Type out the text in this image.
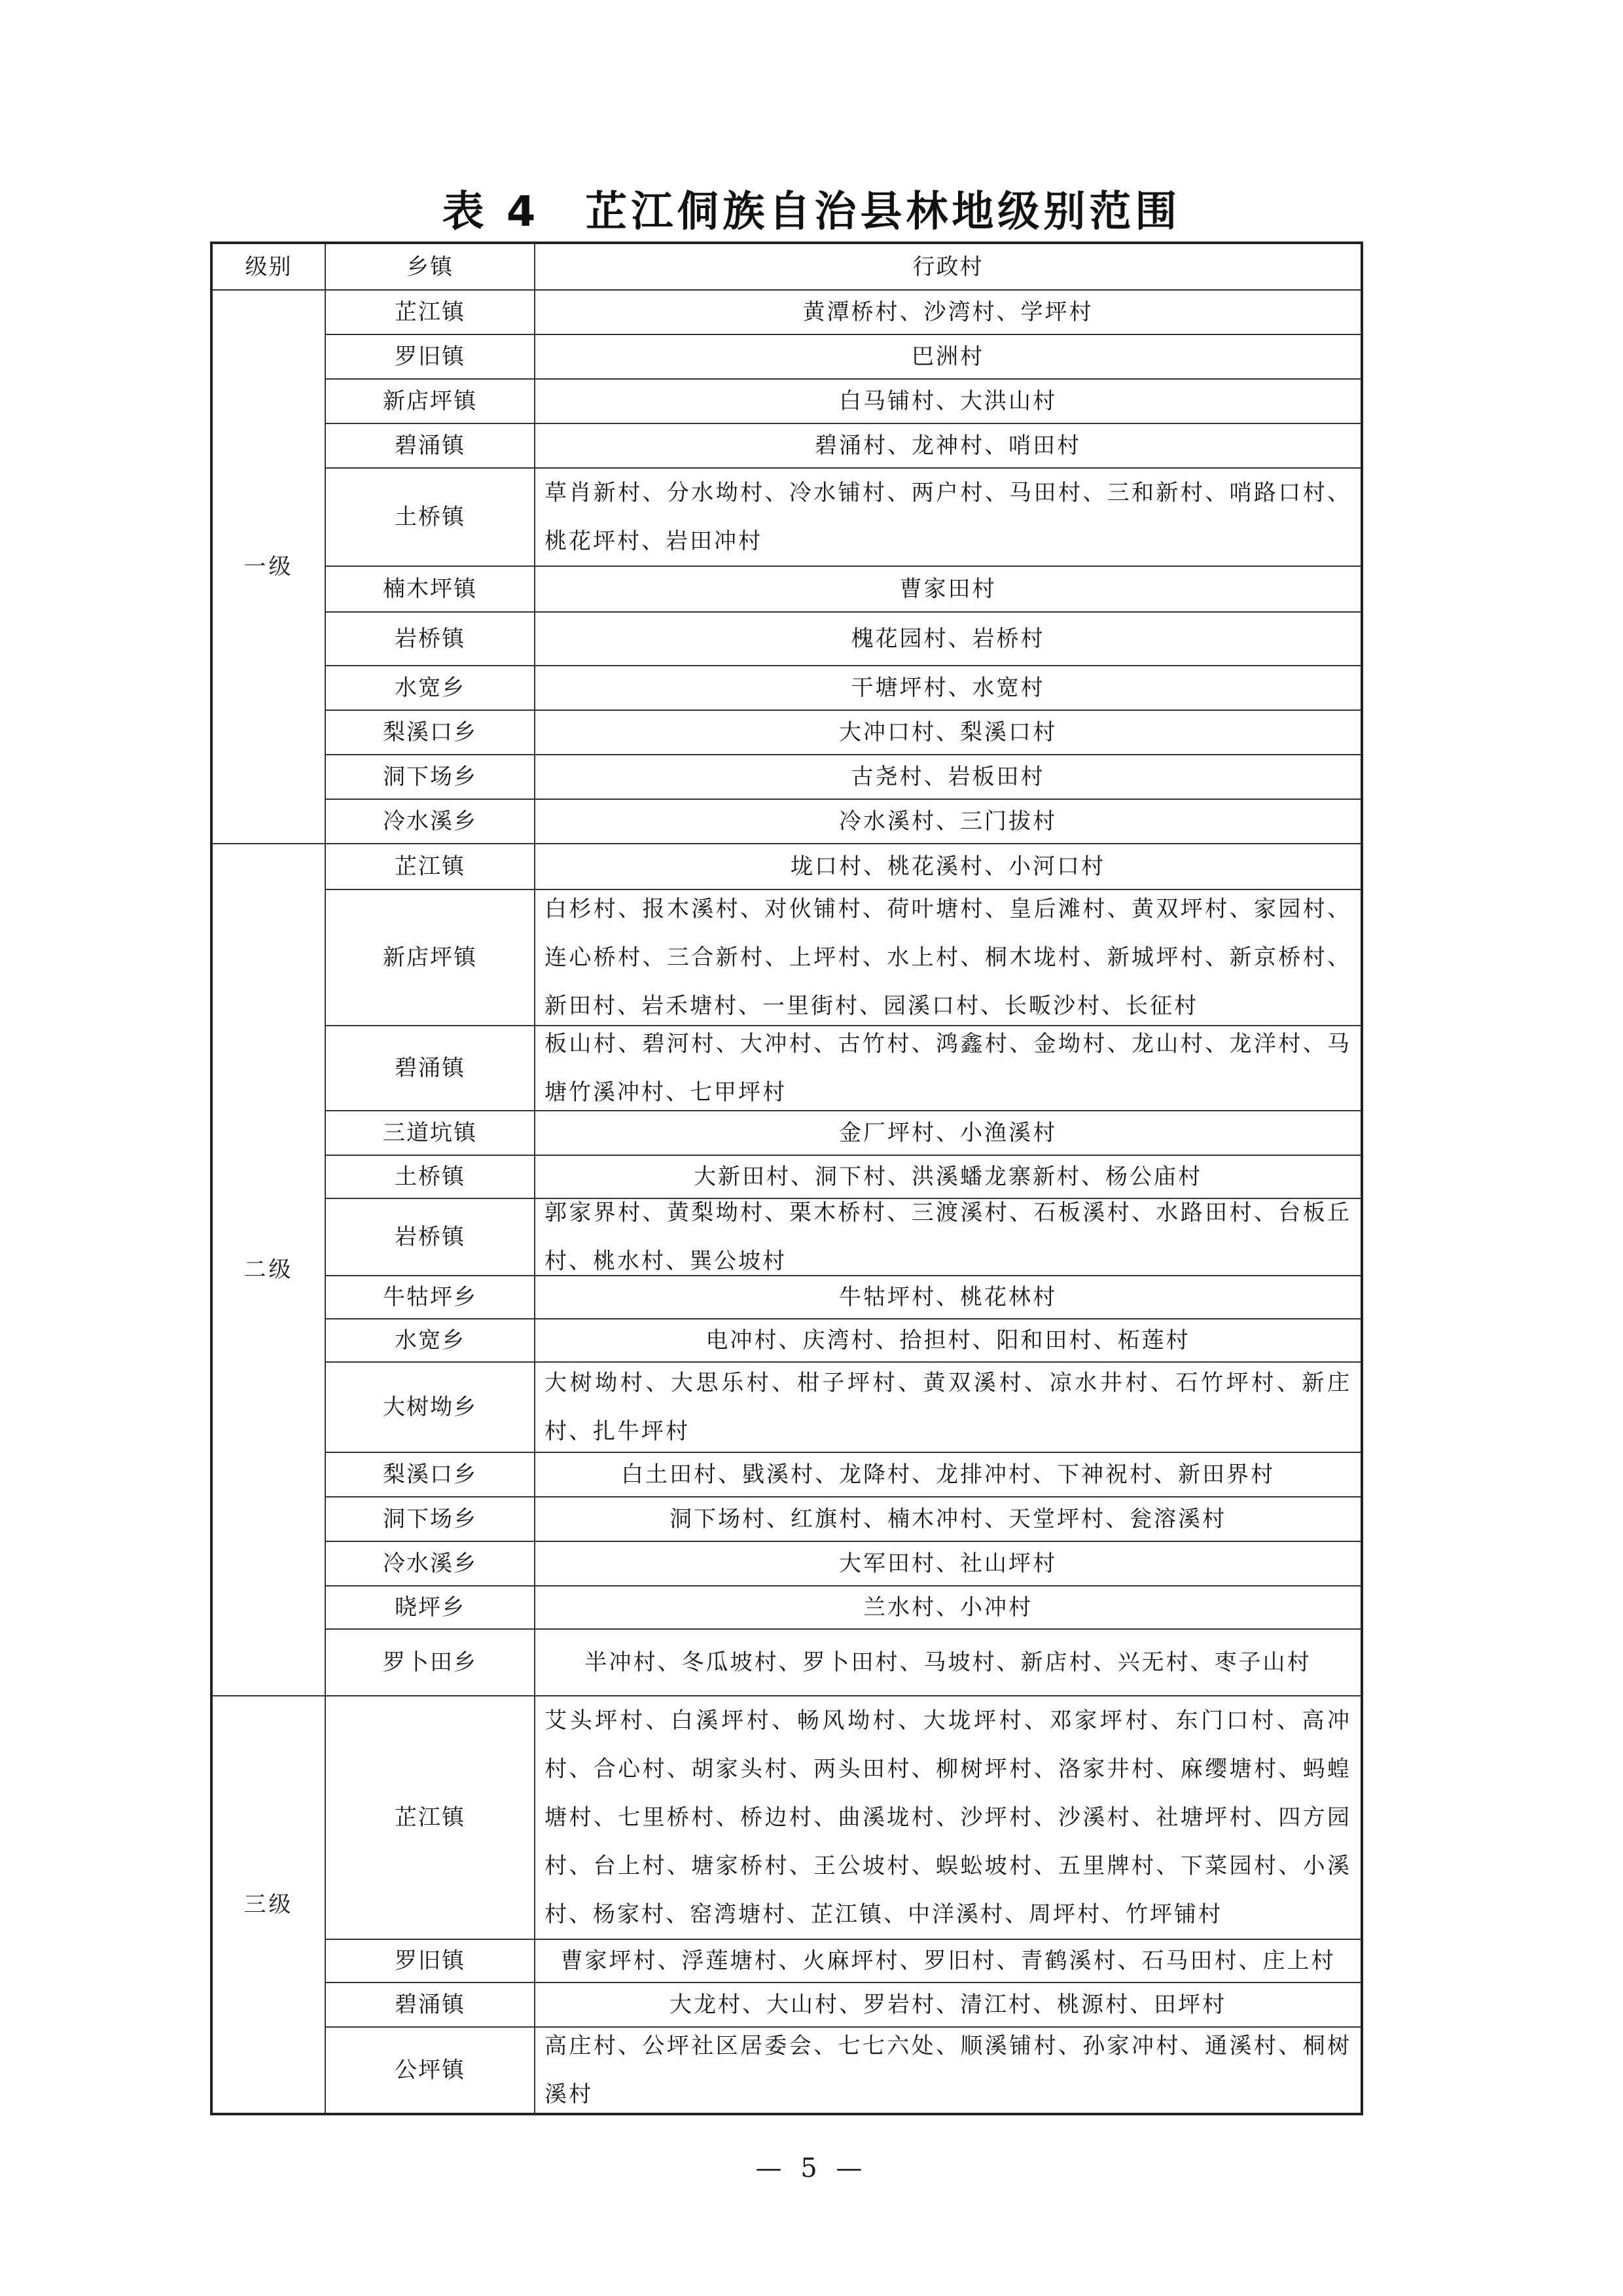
表 4　芷江侗族自治县林地级别范围
级别	乡镇	行政村
一级	芷江镇	黄潭桥村、沙湾村、学坪村

	罗旧镇	巴洲村

	新店坪镇	白马铺村、大洪山村

	碧涌镇	碧涌村、龙神村、哨田村

	土桥镇	草肖新村、分水坳村、冷水铺村、两户村、马田村、三和新村、哨路口村、桃花坪村、岩田冲村

	楠木坪镇	曹家田村

	岩桥镇	槐花园村、岩桥村

	水宽乡	干塘坪村、水宽村

	梨溪口乡	大冲口村、梨溪口村

	洞下场乡	古尧村、岩板田村

	冷水溪乡	冷水溪村、三门拔村

二级	芷江镇	垅口村、桃花溪村、小河口村

	新店坪镇	白杉村、报木溪村、对伙铺村、荷叶塘村、皇后滩村、黄双坪村、家园村、连心桥村、三合新村、上坪村、水上村、桐木垅村、新城坪村、新京桥村、新田村、岩禾塘村、一里街村、园溪口村、长畈沙村、长征村

	碧涌镇	板山村、碧河村、大冲村、古竹村、鸿鑫村、金坳村、龙山村、龙洋村、马塘竹溪冲村、七甲坪村

	三道坑镇	金厂坪村、小渔溪村

	土桥镇	大新田村、洞下村、洪溪蟠龙寨新村、杨公庙村

	岩桥镇	郭家界村、黄梨坳村、栗木桥村、三渡溪村、石板溪村、水路田村、台板丘村、桃水村、巽公坡村

	牛牯坪乡	牛牯坪村、桃花林村

	水宽乡	电冲村、庆湾村、拾担村、阳和田村、柘莲村

	大树坳乡	大树坳村、大思乐村、柑子坪村、黄双溪村、凉水井村、石竹坪村、新庄村、扎牛坪村

	梨溪口乡	白土田村、戥溪村、龙降村、龙排冲村、下神祝村、新田界村

	洞下场乡	洞下场村、红旗村、楠木冲村、天堂坪村、瓮溶溪村

	冷水溪乡	大军田村、社山坪村

	晓坪乡	兰水村、小冲村

	罗卜田乡	半冲村、冬瓜坡村、罗卜田村、马坡村、新店村、兴无村、枣子山村

三级	芷江镇	艾头坪村、白溪坪村、畅风坳村、大垅坪村、邓家坪村、东门口村、高冲村、合心村、胡家头村、两头田村、柳树坪村、洛家井村、麻缨塘村、蚂蝗塘村、七里桥村、桥边村、曲溪垅村、沙坪村、沙溪村、社塘坪村、四方园村、台上村、塘家桥村、王公坡村、蜈蚣坡村、五里牌村、下菜园村、小溪村、杨家村、窑湾塘村、芷江镇、中洋溪村、周坪村、竹坪铺村

	罗旧镇	曹家坪村、浮莲塘村、火麻坪村、罗旧村、青鹤溪村、石马田村、庄上村

	碧涌镇	大龙村、大山村、罗岩村、清江村、桃源村、田坪村

	公坪镇	高庄村、公坪社区居委会、七七六处、顺溪铺村、孙家冲村、通溪村、桐树溪村
— 5 —
